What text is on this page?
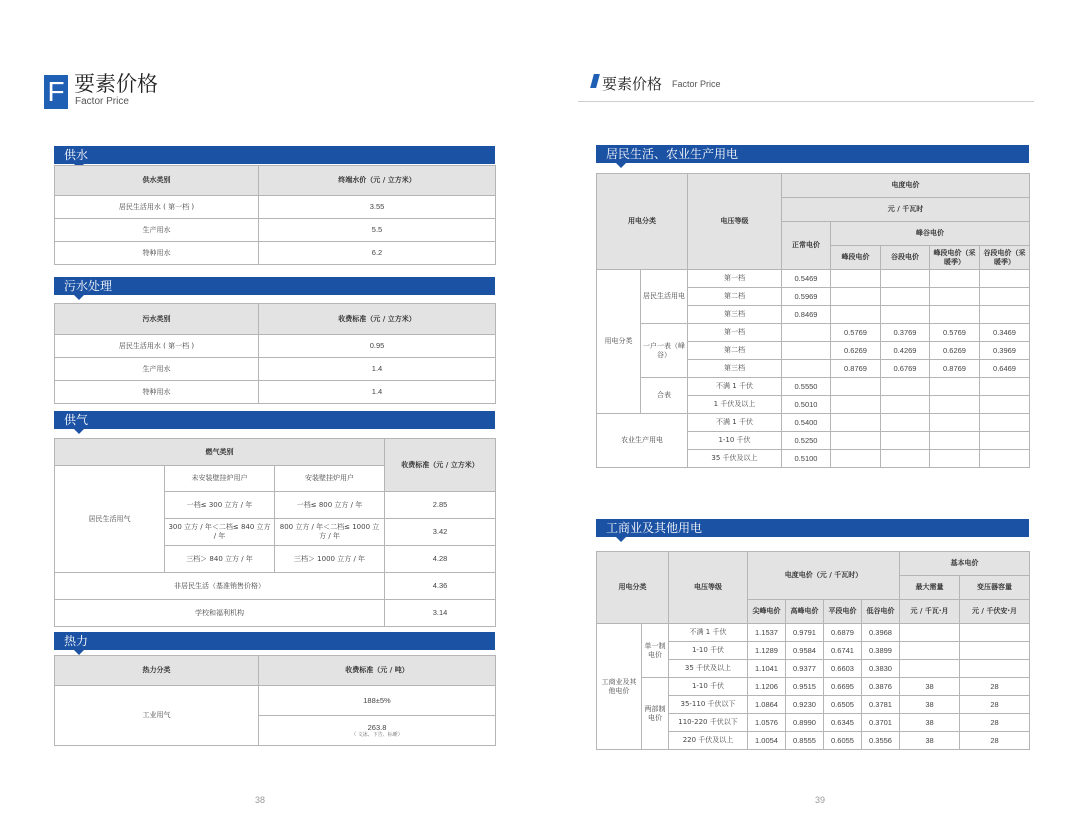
F 要素价格
Factor Price
要素价格 Factor Price
供水
供水类别	终端水价（元 / 立方米）
居民生活用水 ( 第一档 )	3.55
生产用水	5.5
特种用水	6.2
污水处理
污水类别	收费标准（元 / 立方米）
居民生活用水 ( 第一档 )	0.95
生产用水	1.4
特种用水	1.4
供气
燃气类别			收费标准（元 / 立方米）
居民生活用气	未安装壁挂炉用户	安装壁挂炉用户	
	一档≤ 300 立方 / 年	一档≤ 800 立方 / 年	2.85
	300 立方 / 年＜二档≤ 840 立方 / 年	800 立方 / 年＜二档≤ 1000 立方 / 年	3.42
	三档＞ 840 立方 / 年	三档＞ 1000 立方 / 年	4.28
非居民生活（基准销售价格）			4.36
学校和福利机构			3.14
热力
热力分类	收费标准（元 / 吨）
工业用气	188±5%
	263.8
（ 文冰、下告、标睡）
居民生活、农业生产用电
用电分类		电压等级	电度电价				
			元 / 千瓦时				
			正常电价	峰谷电价			
				峰段电价	谷段电价	峰段电价（采暖季）	谷段电价（采暖季）
用电分类	居民生活用电	第一档	0.5469				
		第二档	0.5969				
		第三档	0.8469				
	一户一表（峰谷）	第一档		0.5769	0.3769	0.5769	0.3469
		第二档		0.6269	0.4269	0.6269	0.3969
		第三档		0.8769	0.6769	0.8769	0.6469
	合表	不满 1 千伏	0.5550				
		1 千伏及以上	0.5010				
农业生产用电		不满 1 千伏	0.5400				
		1-10 千伏	0.5250				
		35 千伏及以上	0.5100				
工商业及其他用电
用电分类		电压等级	电度电价（元 / 千瓦时）				基本电价	
							最大需量	变压器容量
			尖峰电价	高峰电价	平段电价	低谷电价	元 / 千瓦·月	元 / 千伏安·月
工商业及其他电价	单一制电价	不满 1 千伏	1.1537	0.9791	0.6879	0.3968		
		1-10 千伏	1.1289	0.9584	0.6741	0.3899		
		35 千伏及以上	1.1041	0.9377	0.6603	0.3830		
	两部制电价	1-10 千伏	1.1206	0.9515	0.6695	0.3876	38	28
		35-110 千伏以下	1.0864	0.9230	0.6505	0.3781	38	28
		110-220 千伏以下	1.0576	0.8990	0.6345	0.3701	38	28
		220 千伏及以上	1.0054	0.8555	0.6055	0.3556	38	28
38	39
